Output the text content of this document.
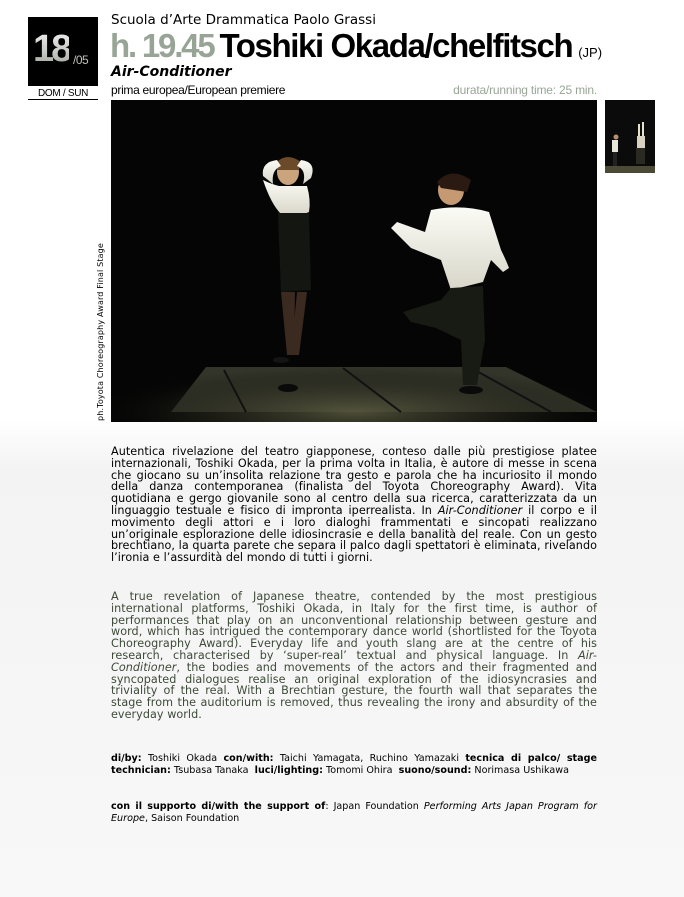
18 /05
DOM / SUN
Scuola d’Arte Drammatica Paolo Grassi
h. 19.45 Toshiki Okada/chelfitsch (JP)
Air-Conditioner
prima europea/European premiere	durata/running time: 25 min.
ph.Toyota Choreography Award Final Stage
Autentica rivelazione del teatro giapponese, conteso dalle più prestigiose platee internazionali, Toshiki Okada, per la prima volta in Italia, è autore di messe in scena che giocano su un’insolita relazione tra gesto e parola che ha incuriosito il mondo della danza contemporanea (finalista del Toyota Choreography Award). Vita quotidiana e gergo giovanile sono al centro della sua ricerca, caratterizzata da un linguaggio testuale e fisico di impronta iperrealista. In Air-Conditioner il corpo e il movimento degli attori e i loro dialoghi frammentati e sincopati realizzano un’originale esplorazione delle idiosincrasie e della banalità del reale. Con un gesto brechtiano, la quarta parete che separa il palco dagli spettatori è eliminata, rivelando l’ironia e l’assurdità del mondo di tutti i giorni.
A true revelation of Japanese theatre, contended by the most prestigious international platforms, Toshiki Okada, in Italy for the first time, is author of performances that play on an unconventional relationship between gesture and word, which has intrigued the contemporary dance world (shortlisted for the Toyota Choreography Award). Everyday life and youth slang are at the centre of his research, characterised by ‘super-real’ textual and physical language. In Air-Conditioner, the bodies and movements of the actors and their fragmented and syncopated dialogues realise an original exploration of the idiosyncrasies and triviality of the real. With a Brechtian gesture, the fourth wall that separates the stage from the auditorium is removed, thus revealing the irony and absurdity of the everyday world.
di/by: Toshiki Okada con/with: Taichi Yamagata, Ruchino Yamazaki tecnica di palco/ stage technician: Tsubasa Tanaka luci/lighting: Tomomi Ohira suono/sound: Norimasa Ushikawa
con il supporto di/with the support of: Japan Foundation Performing Arts Japan Program for Europe, Saison Foundation
